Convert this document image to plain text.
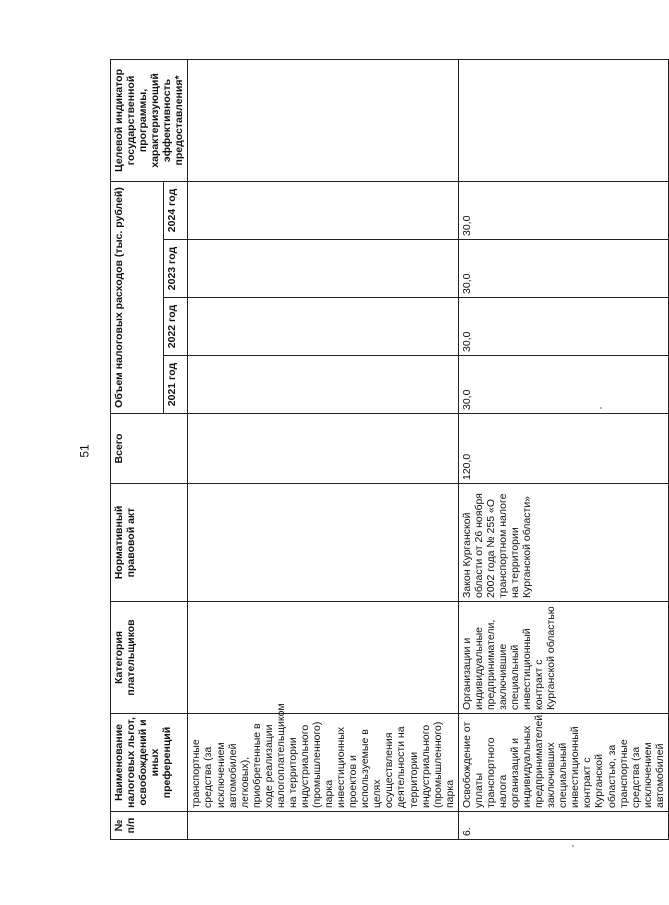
51
№ п/п	Наименование налоговых льгот, освобождений и иных преференций	Категория плательщиков	Нормативный правовой акт	Всего	Объем налоговых расходов (тыс. рублей)				Целевой индикатор государственной программы, характеризующий эффективность предоставления*
					2021 год	2022 год	2023 год	2024 год	
	транспортные средства (за исключением автомобилей легковых), приобретенные в ходе реализации налогоплательщиком на территории индустриального (промышленного) парка инвестиционных проектов и используемые в целях осуществления деятельности на территории индустриального (промышленного) парка								
6.	Освобождение от уплаты транспортного налога организаций и индивидуальных предпринимателей, заключивших специальный инвестиционный контракт с Курганской областью, за транспортные средства (за исключением автомобилей	Организации и индивидуальные предприниматели, заключившие специальный инвестиционный контракт с Курганской областью	Закон Курганской области от 26 ноября 2002 года № 255 «О транспортном налоге на территории Курганской области»	120,0	30,0	30,0	30,0	30,0	
